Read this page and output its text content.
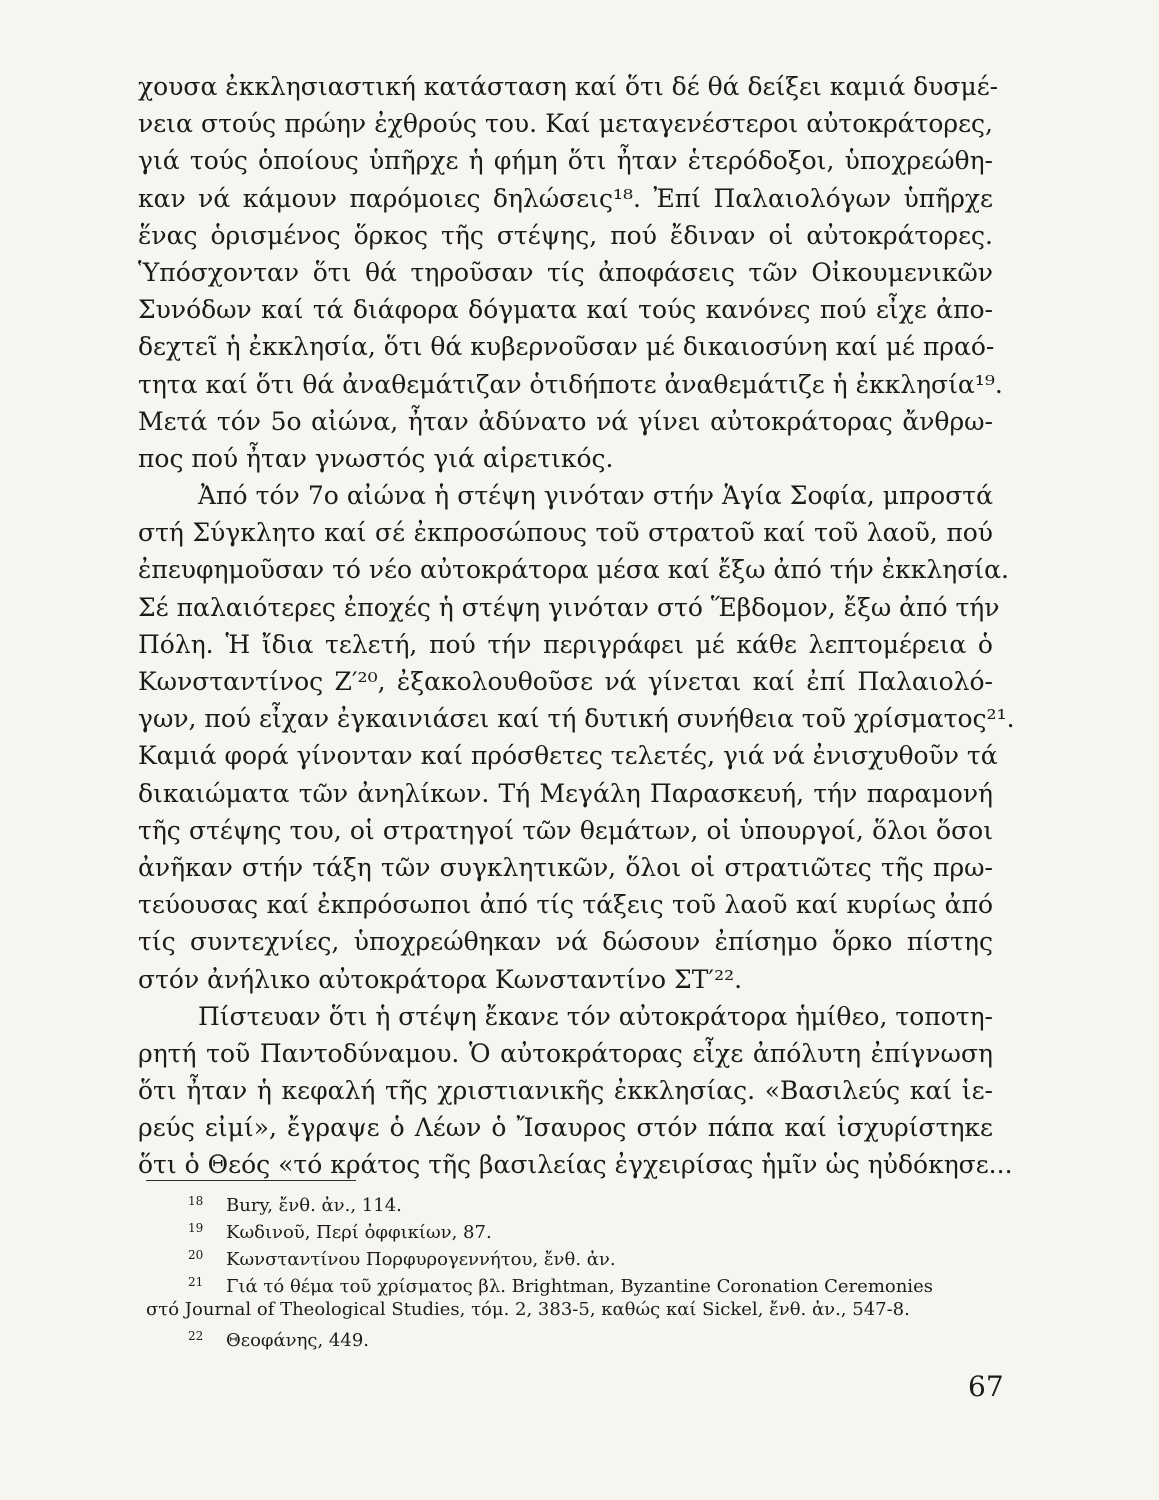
χουσα ἐκκλησιαστική κατάσταση καί ὅτι δέ θά δείξει καμιά δυσμέ-
νεια στούς πρώην ἐχθρούς του. Καί μεταγενέστεροι αὐτοκράτορες,
γιά τούς ὁποίους ὑπῆρχε ἡ φήμη ὅτι ἦταν ἑτερόδοξοι, ὑποχρεώθη-
καν νά κάμουν παρόμοιες δηλώσεις¹⁸. Ἐπί Παλαιολόγων ὑπῆρχε
ἕνας ὁρισμένος ὅρκος τῆς στέψης, πού ἔδιναν οἱ αὐτοκράτορες.
Ὑπόσχονταν ὅτι θά τηροῦσαν τίς ἀποφάσεις τῶν Οἰκουμενικῶν
Συνόδων καί τά διάφορα δόγματα καί τούς κανόνες πού εἶχε ἀπο-
δεχτεῖ ἡ ἐκκλησία, ὅτι θά κυβερνοῦσαν μέ δικαιοσύνη καί μέ πραό-
τητα καί ὅτι θά ἀναθεμάτιζαν ὁτιδήποτε ἀναθεμάτιζε ἡ ἐκκλησία¹⁹.
Μετά τόν 5ο αἰώνα, ἦταν ἀδύνατο νά γίνει αὐτοκράτορας ἄνθρω-
πος πού ἦταν γνωστός γιά αἱρετικός.
Ἀπό τόν 7ο αἰώνα ἡ στέψη γινόταν στήν Ἁγία Σοφία, μπροστά
στή Σύγκλητο καί σέ ἐκπροσώπους τοῦ στρατοῦ καί τοῦ λαοῦ, πού
ἐπευφημοῦσαν τό νέο αὐτοκράτορα μέσα καί ἔξω ἀπό τήν ἐκκλησία.
Σέ παλαιότερες ἐποχές ἡ στέψη γινόταν στό Ἕβδομον, ἔξω ἀπό τήν
Πόλη. Ἡ ἴδια τελετή, πού τήν περιγράφει μέ κάθε λεπτομέρεια ὁ
Κωνσταντίνος Ζ′²⁰, ἐξακολουθοῦσε νά γίνεται καί ἐπί Παλαιολό-
γων, πού εἶχαν ἐγκαινιάσει καί τή δυτική συνήθεια τοῦ χρίσματος²¹.
Καμιά φορά γίνονταν καί πρόσθετες τελετές, γιά νά ἐνισχυθοῦν τά
δικαιώματα τῶν ἀνηλίκων. Τή Μεγάλη Παρασκευή, τήν παραμονή
τῆς στέψης του, οἱ στρατηγοί τῶν θεμάτων, οἱ ὑπουργοί, ὅλοι ὅσοι
ἀνῆκαν στήν τάξη τῶν συγκλητικῶν, ὅλοι οἱ στρατιῶτες τῆς πρω-
τεύουσας καί ἐκπρόσωποι ἀπό τίς τάξεις τοῦ λαοῦ καί κυρίως ἀπό
τίς συντεχνίες, ὑποχρεώθηκαν νά δώσουν ἐπίσημο ὅρκο πίστης
στόν ἀνήλικο αὐτοκράτορα Κωνσταντίνο ΣΤ′²².
Πίστευαν ὅτι ἡ στέψη ἔκανε τόν αὐτοκράτορα ἡμίθεο, τοποτη-
ρητή τοῦ Παντοδύναμου. Ὁ αὐτοκράτορας εἶχε ἀπόλυτη ἐπίγνωση
ὅτι ἦταν ἡ κεφαλή τῆς χριστιανικῆς ἐκκλησίας. «Βασιλεύς καί ἱε-
ρεύς εἰμί», ἔγραψε ὁ Λέων ὁ Ἴσαυρος στόν πάπα καί ἰσχυρίστηκε
ὅτι ὁ Θεός «τό κράτος τῆς βασιλείας ἐγχειρίσας ἡμῖν ὡς ηὐδόκησε...
$^{18}$ Bury, ἔνθ. ἀν., 114.
$^{19}$ Κωδινοῦ, Περί ὀφφικίων, 87.
$^{20}$ Κωνσταντίνου Πορφυρογεννήτου, ἔνθ. ἀν.
$^{21}$ Γιά τό θέμα τοῦ χρίσματος βλ. Brightman, Byzantine Coronation Ceremonies
στό Journal of Theological Studies, τόμ. 2, 383-5, καθώς καί Sickel, ἔνθ. ἀν., 547-8.
$^{22}$ Θεοφάνης, 449.
67
